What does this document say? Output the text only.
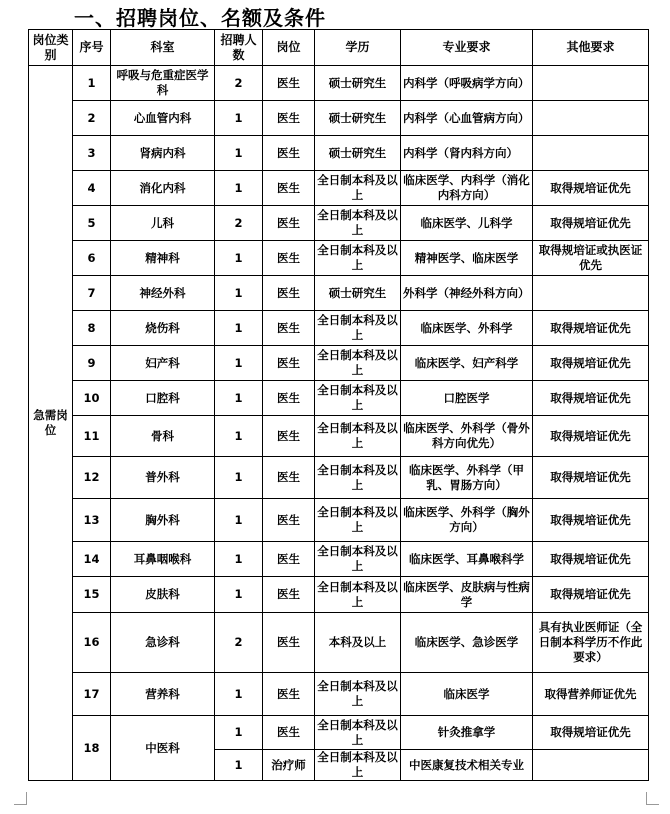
一、招聘岗位、名额及条件
岗位类别	序号	科室	招聘人数	岗位	学历	专业要求	其他要求
急需岗位	1	呼吸与危重症医学科	2	医生	硕士研究生	内科学（呼吸病学方向）	
	2	心血管内科	1	医生	硕士研究生	内科学（心血管病方向）	
	3	肾病内科	1	医生	硕士研究生	内科学（肾内科方向）	
	4	消化内科	1	医生	全日制本科及以上	临床医学、内科学（消化内科方向）	取得规培证优先
	5	儿科	2	医生	全日制本科及以上	临床医学、儿科学	取得规培证优先
	6	精神科	1	医生	全日制本科及以上	精神医学、临床医学	取得规培证或执医证优先
	7	神经外科	1	医生	硕士研究生	外科学（神经外科方向）	
	8	烧伤科	1	医生	全日制本科及以上	临床医学、外科学	取得规培证优先
	9	妇产科	1	医生	全日制本科及以上	临床医学、妇产科学	取得规培证优先
	10	口腔科	1	医生	全日制本科及以上	口腔医学	取得规培证优先
	11	骨科	1	医生	全日制本科及以上	临床医学、外科学（骨外科方向优先）	取得规培证优先
	12	普外科	1	医生	全日制本科及以上	临床医学、外科学（甲乳、胃肠方向）	取得规培证优先
	13	胸外科	1	医生	全日制本科及以上	临床医学、外科学（胸外方向）	取得规培证优先
	14	耳鼻咽喉科	1	医生	全日制本科及以上	临床医学、耳鼻喉科学	取得规培证优先
	15	皮肤科	1	医生	全日制本科及以上	临床医学、皮肤病与性病学	取得规培证优先
	16	急诊科	2	医生	本科及以上	临床医学、急诊医学	具有执业医师证（全日制本科学历不作此要求）
	17	营养科	1	医生	全日制本科及以上	临床医学	取得营养师证优先
	18	中医科	1	医生	全日制本科及以上	针灸推拿学	取得规培证优先
			1	治疗师	全日制本科及以上	中医康复技术相关专业	
